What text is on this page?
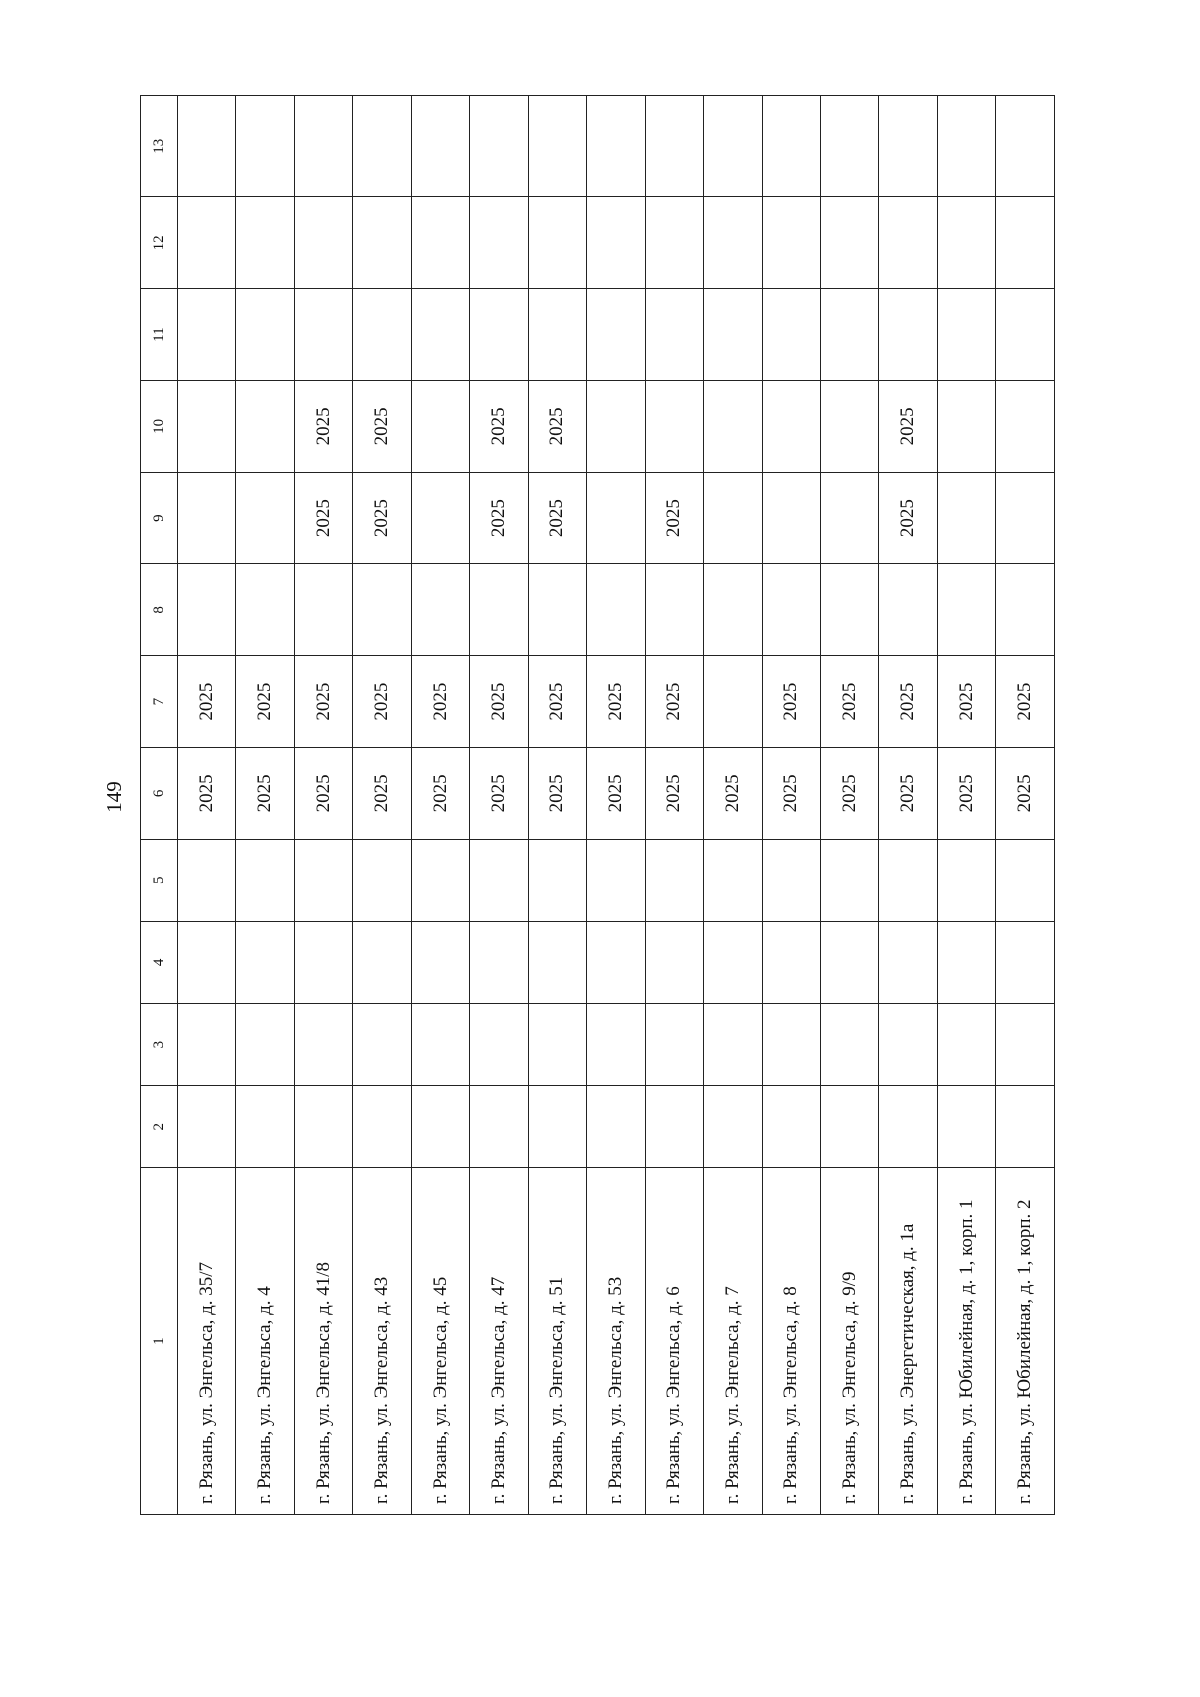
149
1	2	3	4	5	6	7	8	9	10	11	12	13
г. Рязань, ул. Энгельса, д. 35/7					2025	2025						
г. Рязань, ул. Энгельса, д. 4					2025	2025						
г. Рязань, ул. Энгельса, д. 41/8					2025	2025		2025	2025			
г. Рязань, ул. Энгельса, д. 43					2025	2025		2025	2025			
г. Рязань, ул. Энгельса, д. 45					2025	2025						
г. Рязань, ул. Энгельса, д. 47					2025	2025		2025	2025			
г. Рязань, ул. Энгельса, д. 51					2025	2025		2025	2025			
г. Рязань, ул. Энгельса, д. 53					2025	2025						
г. Рязань, ул. Энгельса, д. 6					2025	2025		2025				
г. Рязань, ул. Энгельса, д. 7					2025							
г. Рязань, ул. Энгельса, д. 8					2025	2025						
г. Рязань, ул. Энгельса, д. 9/9					2025	2025						
г. Рязань, ул. Энергетическая, д. 1а					2025	2025		2025	2025			
г. Рязань, ул. Юбилейная, д. 1, корп. 1					2025	2025						
г. Рязань, ул. Юбилейная, д. 1, корп. 2					2025	2025						
